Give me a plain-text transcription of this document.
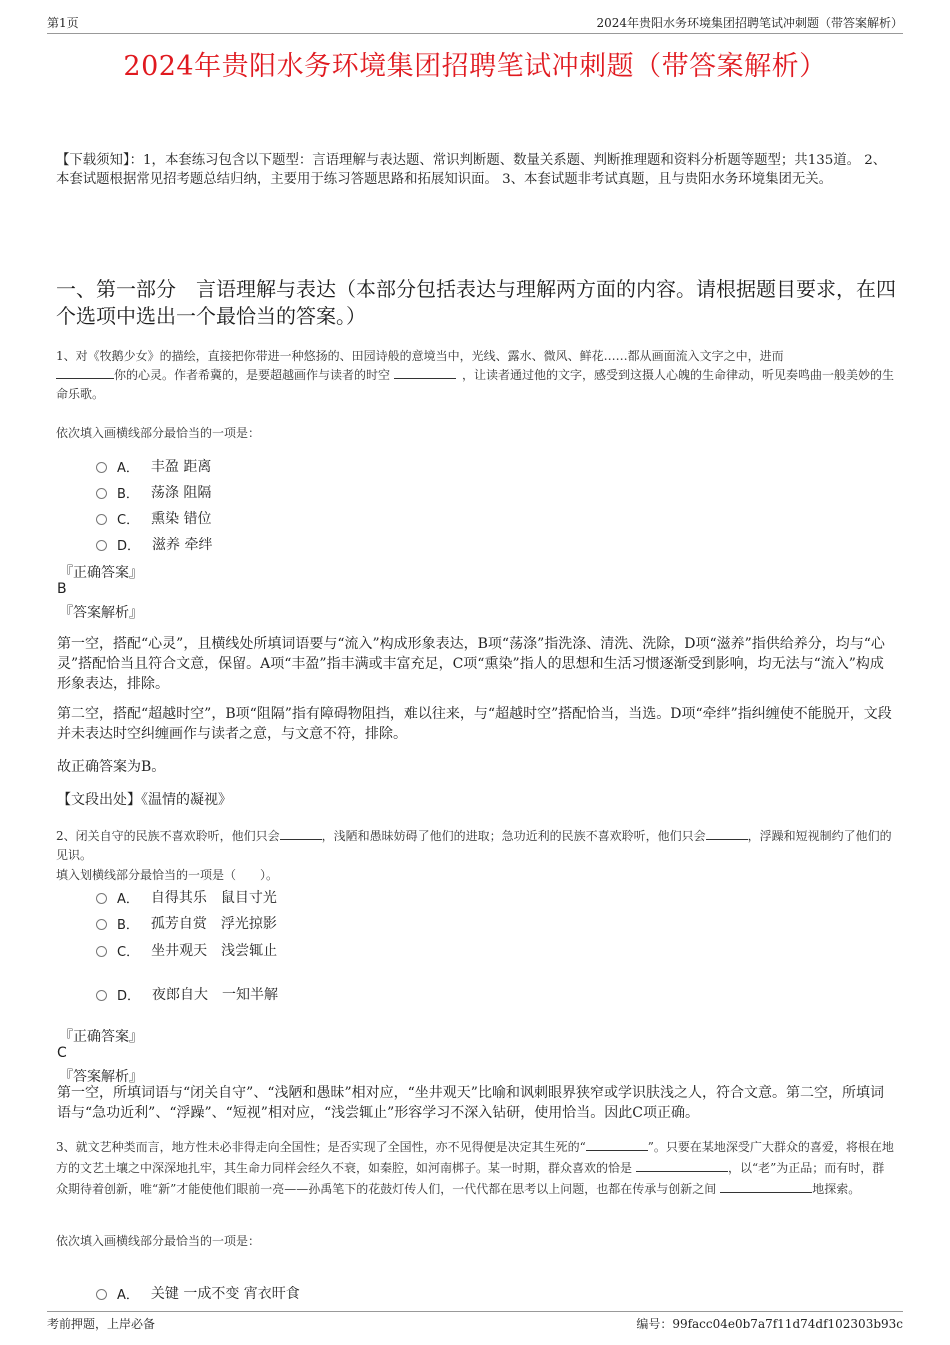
第1页	2024年贵阳水务环境集团招聘笔试冲刺题（带答案解析）
2024年贵阳水务环境集团招聘笔试冲刺题（带答案解析）
【下载须知】：1，本套练习包含以下题型：言语理解与表达题、常识判断题、数量关系题、判断推理题和资料分析题等题型；共135道。 2、本套试题根据常见招考题总结归纳，主要用于练习答题思路和拓展知识面。 3、本套试题非考试真题，且与贵阳水务环境集团无关。
一、第一部分　言语理解与表达（本部分包括表达与理解两方面的内容。请根据题目要求，在四个选项中选出一个最恰当的答案。）
1、对《牧鹅少女》的描绘，直接把你带进一种悠扬的、田园诗般的意境当中，光线、露水、微风、鲜花……都从画面流入文字之中，进而
你的心灵。作者希冀的，是要超越画作与读者的时空	，让读者通过他的文字，感受到这摄人心魄的生命律动，听见奏鸣曲一般美妙的生命乐歌。
依次填入画横线部分最恰当的一项是：
A． 丰盈 距离
B． 荡涤 阻隔
C． 熏染 错位
D． 滋养 牵绊
『正确答案』
B
『答案解析』
第一空，搭配“心灵”，且横线处所填词语要与“流入”构成形象表达，B项“荡涤”指洗涤、清洗、洗除，D项“滋养”指供给养分，均与“心灵”搭配恰当且符合文意，保留。A项“丰盈”指丰满或丰富充足，C项“熏染”指人的思想和生活习惯逐渐受到影响，均无法与“流入”构成形象表达，排除。
第二空，搭配“超越时空”，B项“阻隔”指有障碍物阻挡，难以往来，与“超越时空”搭配恰当，当选。D项“牵绊”指纠缠使不能脱开，文段并未表达时空纠缠画作与读者之意，与文意不符，排除。
故正确答案为B。
【文段出处】《温情的凝视》
2、闭关自守的民族不喜欢聆听，他们只会	，浅陋和愚昧妨碍了他们的进取；急功近利的民族不喜欢聆听，他们只会	，浮躁和短视制约了他们的见识。
填入划横线部分最恰当的一项是（　　）。
A． 自得其乐　鼠目寸光
B． 孤芳自赏　浮光掠影
C． 坐井观天　浅尝辄止
D． 夜郎自大　一知半解
『正确答案』
C
『答案解析』
第一空，所填词语与“闭关自守”、“浅陋和愚昧”相对应，“坐井观天”比喻和讽刺眼界狭窄或学识肤浅之人，符合文意。第二空，所填词语与“急功近利”、“浮躁”、“短视”相对应，“浅尝辄止”形容学习不深入钻研，使用恰当。因此C项正确。
3、就文艺种类而言，地方性未必非得走向全国性；是否实现了全国性，亦不见得便是决定其生死的“	”。只要在某地深受广大群众的喜爱，将根在地方的文艺土壤之中深深地扎牢，其生命力同样会经久不衰，如秦腔，如河南梆子。某一时期，群众喜欢的恰是	，以“老”为正品；而有时，群众期待着创新，唯“新”才能使他们眼前一亮——孙禹笔下的花鼓灯传人们，一代代都在思考以上问题，也都在传承与创新之间	地探索。
依次填入画横线部分最恰当的一项是：
A． 关键 一成不变 宵衣旰食
考前押题，上岸必备	编号：99facc04e0b7a7f11d74df102303b93c
